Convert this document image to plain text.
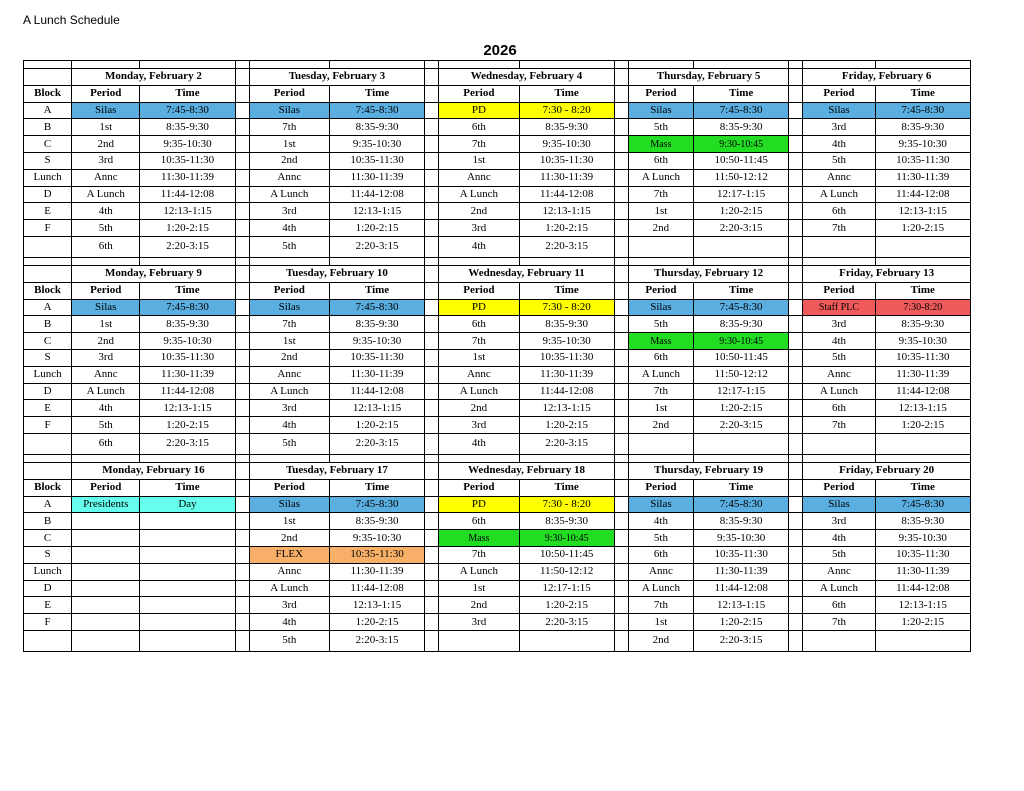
A Lunch Schedule
2026

	Monday, February 2			Tuesday, February 3			Wednesday, February 4			Thursday, February 5			Friday, February 6	
Block	Period	Time		Period	Time		Period	Time		Period	Time		Period	Time
A	Silas	7:45-8:30		Silas	7:45-8:30		PD	7:30 - 8:20		Silas	7:45-8:30		Silas	7:45-8:30
B	1st	8:35-9:30		7th	8:35-9:30		6th	8:35-9:30		5th	8:35-9:30		3rd	8:35-9:30
C	2nd	9:35-10:30		1st	9:35-10:30		7th	9:35-10:30		Mass	9:30-10:45		4th	9:35-10:30
S	3rd	10:35-11:30		2nd	10:35-11:30		1st	10:35-11:30		6th	10:50-11:45		5th	10:35-11:30
Lunch	Annc	11:30-11:39		Annc	11:30-11:39		Annc	11:30-11:39		A Lunch	11:50-12:12		Annc	11:30-11:39
D	A Lunch	11:44-12:08		A Lunch	11:44-12:08		A Lunch	11:44-12:08		7th	12:17-1:15		A Lunch	11:44-12:08
E	4th	12:13-1:15		3rd	12:13-1:15		2nd	12:13-1:15		1st	1:20-2:15		6th	12:13-1:15
F	5th	1:20-2:15		4th	1:20-2:15		3rd	1:20-2:15		2nd	2:20-3:15		7th	1:20-2:15
	6th	2:20-3:15		5th	2:20-3:15		4th	2:20-3:15						

	Monday, February 9			Tuesday, February 10			Wednesday, February 11			Thursday, February 12			Friday, February 13	
Block	Period	Time		Period	Time		Period	Time		Period	Time		Period	Time
A	Silas	7:45-8:30		Silas	7:45-8:30		PD	7:30 - 8:20		Silas	7:45-8:30		Staff PLC	7:30-8:20
B	1st	8:35-9:30		7th	8:35-9:30		6th	8:35-9:30		5th	8:35-9:30		3rd	8:35-9:30
C	2nd	9:35-10:30		1st	9:35-10:30		7th	9:35-10:30		Mass	9:30-10:45		4th	9:35-10:30
S	3rd	10:35-11:30		2nd	10:35-11:30		1st	10:35-11:30		6th	10:50-11:45		5th	10:35-11:30
Lunch	Annc	11:30-11:39		Annc	11:30-11:39		Annc	11:30-11:39		A Lunch	11:50-12:12		Annc	11:30-11:39
D	A Lunch	11:44-12:08		A Lunch	11:44-12:08		A Lunch	11:44-12:08		7th	12:17-1:15		A Lunch	11:44-12:08
E	4th	12:13-1:15		3rd	12:13-1:15		2nd	12:13-1:15		1st	1:20-2:15		6th	12:13-1:15
F	5th	1:20-2:15		4th	1:20-2:15		3rd	1:20-2:15		2nd	2:20-3:15		7th	1:20-2:15
	6th	2:20-3:15		5th	2:20-3:15		4th	2:20-3:15						

	Monday, February 16			Tuesday, February 17			Wednesday, February 18			Thursday, February 19			Friday, February 20	
Block	Period	Time		Period	Time		Period	Time		Period	Time		Period	Time
A	Presidents	Day		Silas	7:45-8:30		PD	7:30 - 8:20		Silas	7:45-8:30		Silas	7:45-8:30
B				1st	8:35-9:30		6th	8:35-9:30		4th	8:35-9:30		3rd	8:35-9:30
C				2nd	9:35-10:30		Mass	9:30-10:45		5th	9:35-10:30		4th	9:35-10:30
S				FLEX	10:35-11:30		7th	10:50-11:45		6th	10:35-11:30		5th	10:35-11:30
Lunch				Annc	11:30-11:39		A Lunch	11:50-12:12		Annc	11:30-11:39		Annc	11:30-11:39
D				A Lunch	11:44-12:08		1st	12:17-1:15		A Lunch	11:44-12:08		A Lunch	11:44-12:08
E				3rd	12:13-1:15		2nd	1:20-2:15		7th	12:13-1:15		6th	12:13-1:15
F				4th	1:20-2:15		3rd	2:20-3:15		1st	1:20-2:15		7th	1:20-2:15
				5th	2:20-3:15					2nd	2:20-3:15			
